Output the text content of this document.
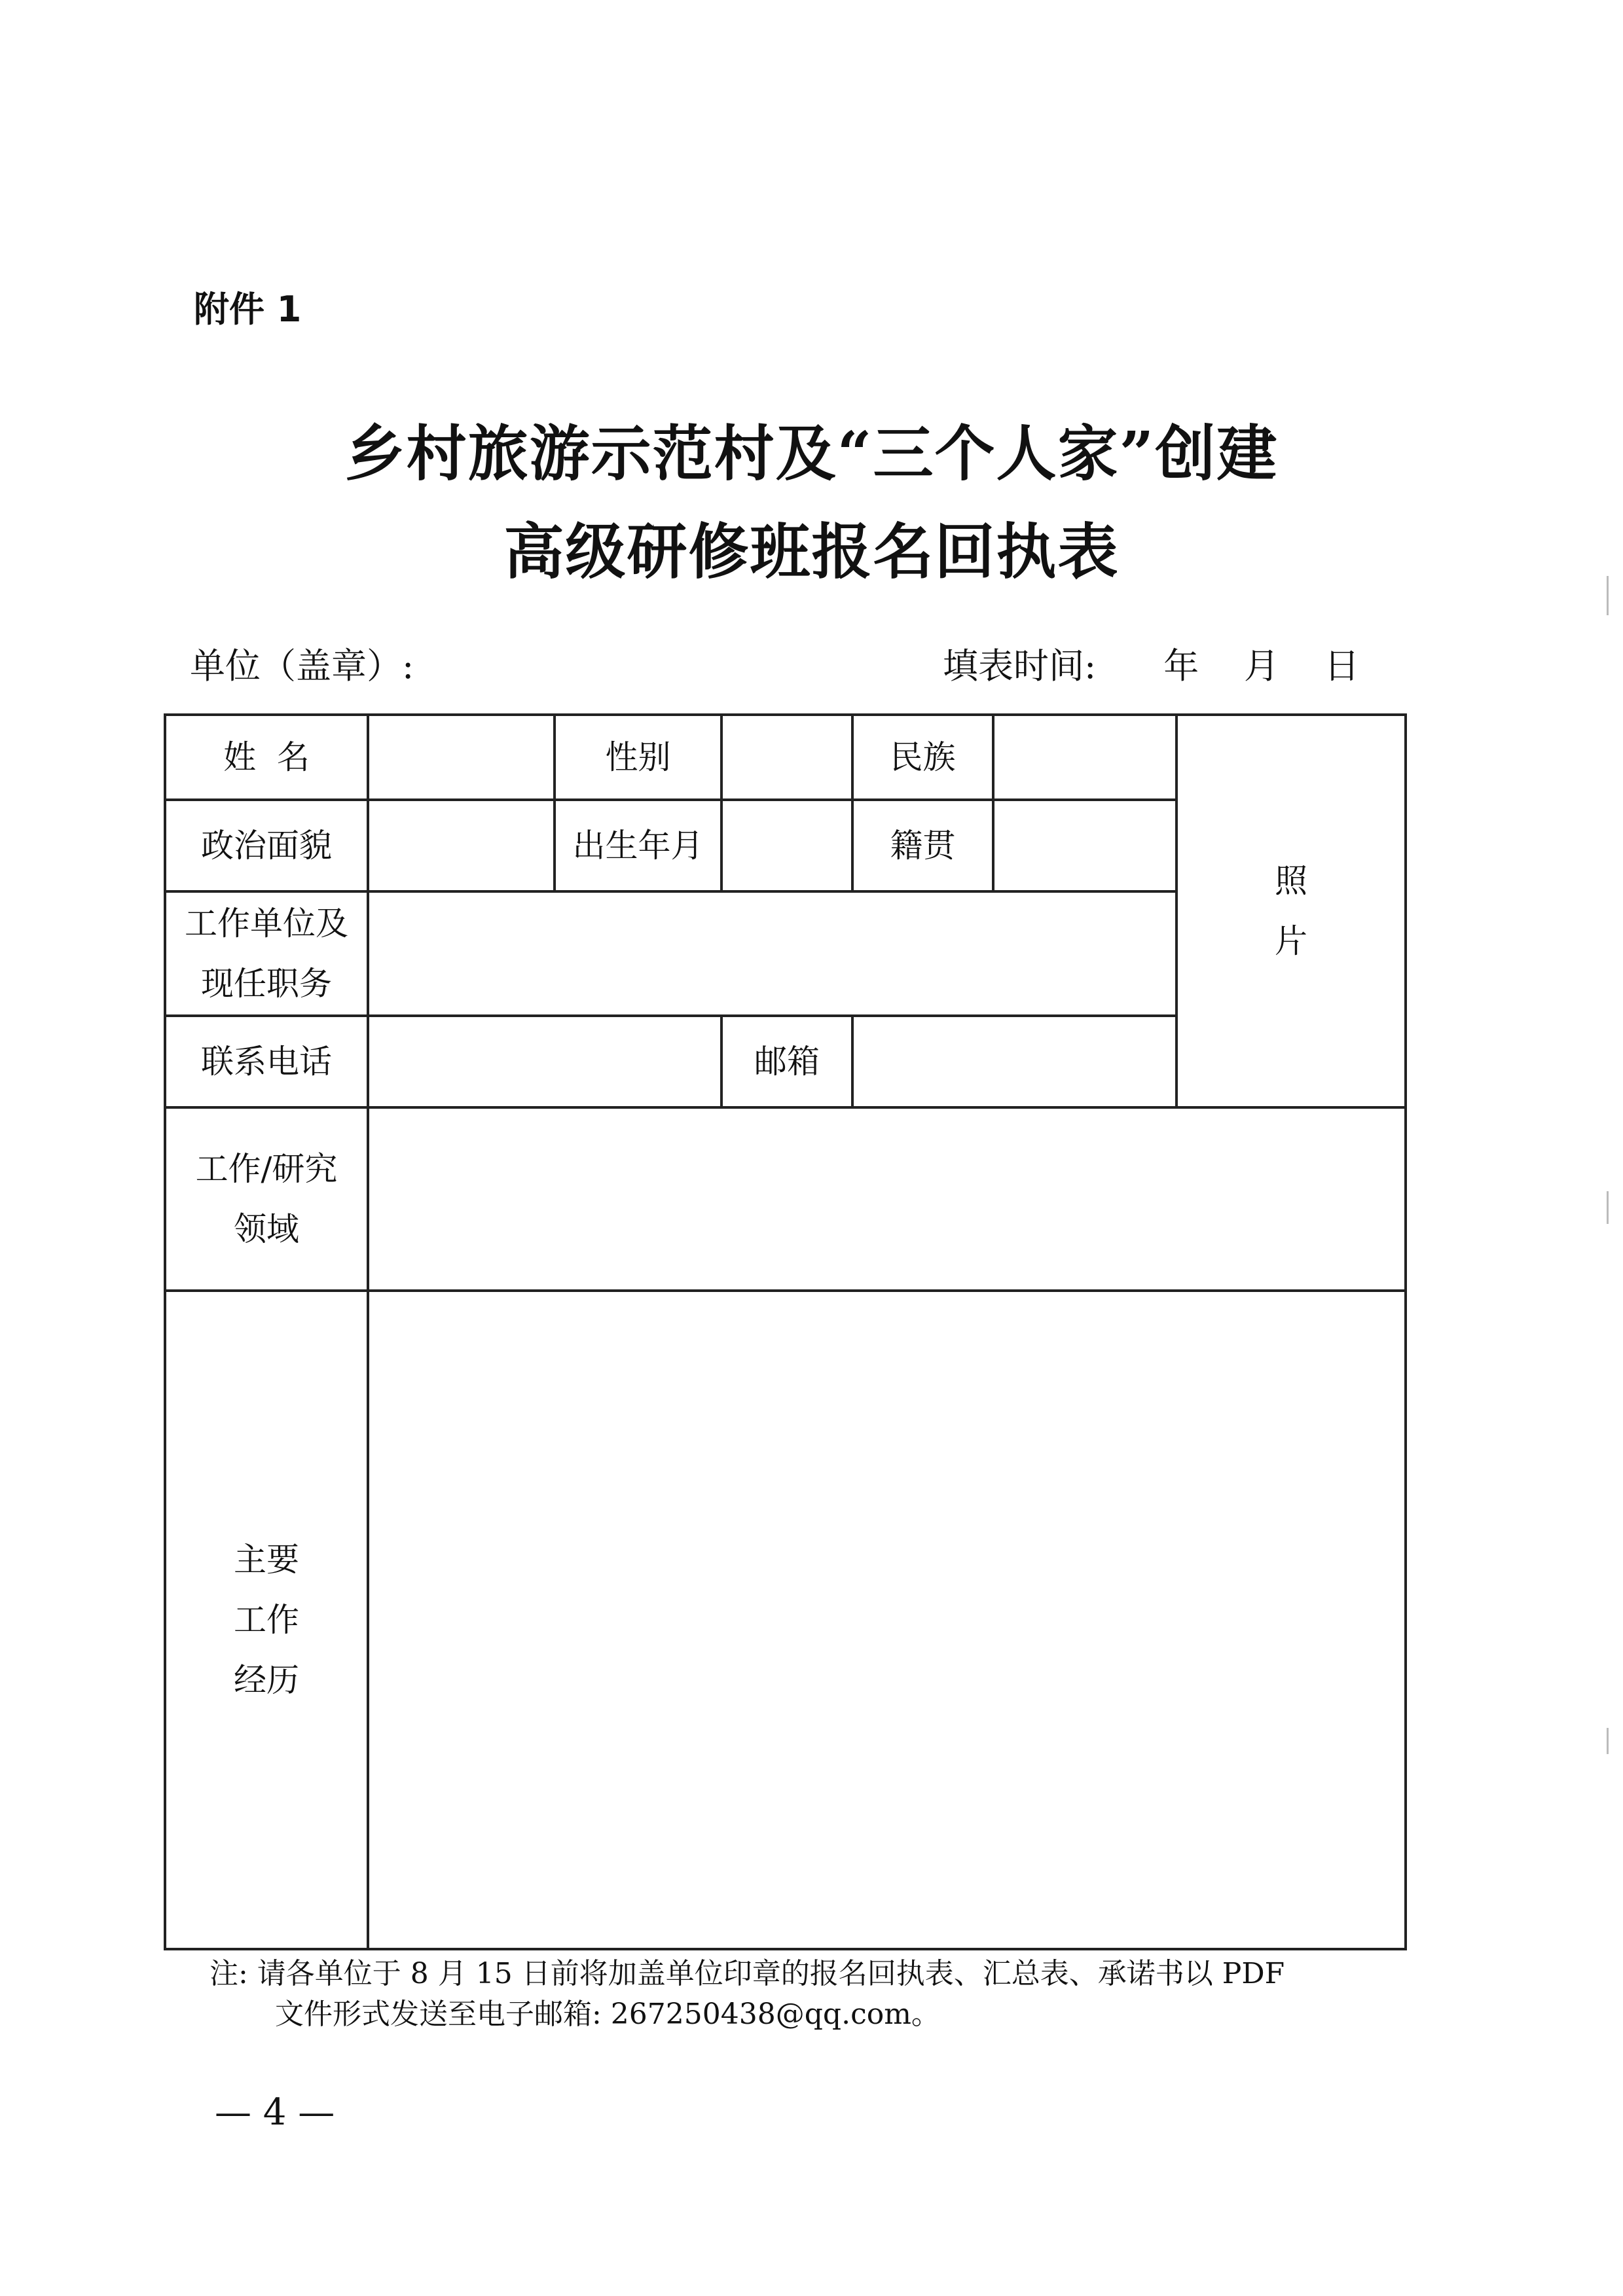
附件 1
乡村旅游示范村及“三个人家”创建
高级研修班报名回执表
单位（盖章）:	填表时间: 年 月 日
姓  名		性别		民族		照
片

政治面貌		出生年月		籍贯		

工作单位及
现任职务						

联系电话			邮箱			

工作/研究
领域						

主要
工作
经历						

注: 请各单位于 8 月 15 日前将加盖单位印章的报名回执表、汇总表、承诺书以 PDF
文件形式发送至电子邮箱: 267250438@qq.com。
— 4 —
